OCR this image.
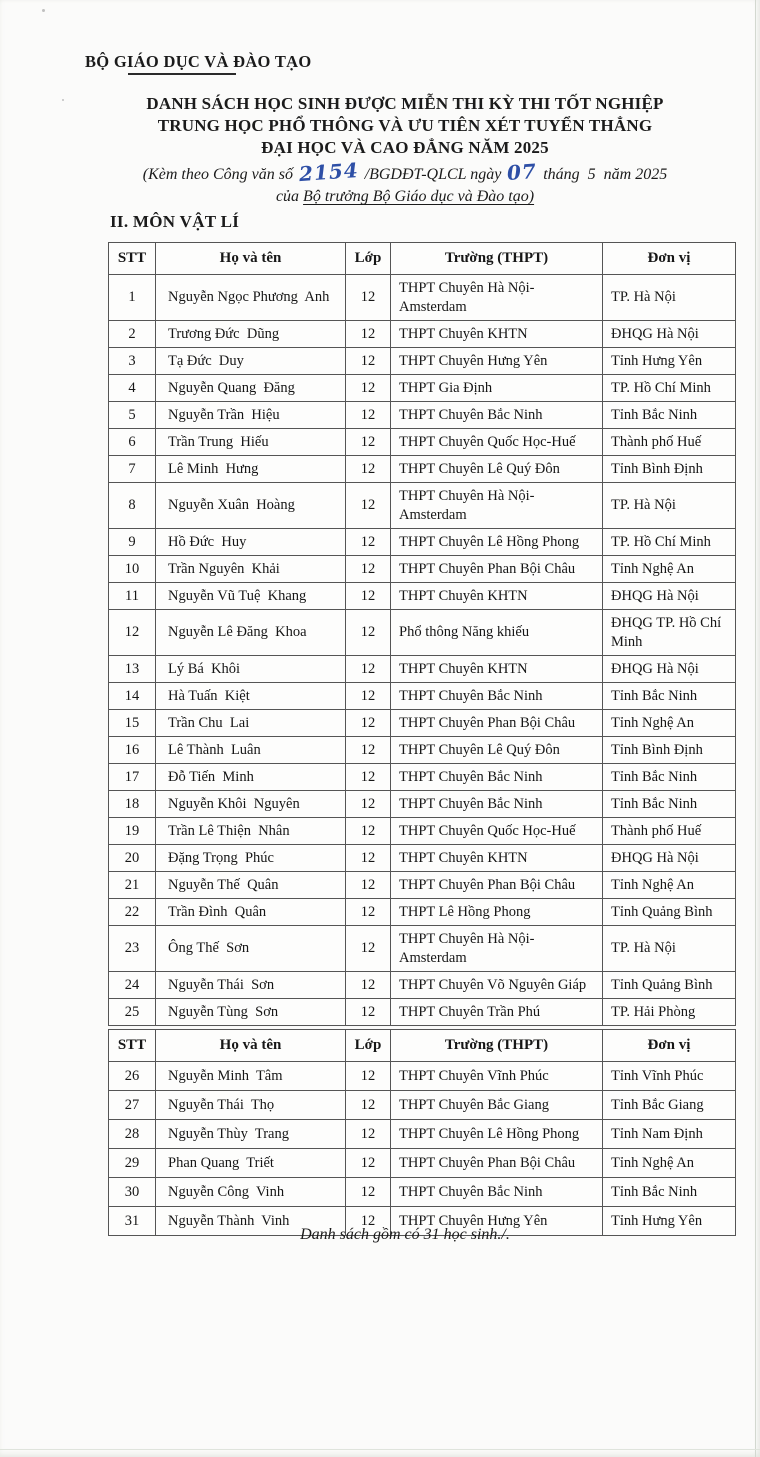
BỘ GIÁO DỤC VÀ ĐÀO TẠO
DANH SÁCH HỌC SINH ĐƯỢC MIỄN THI KỲ THI TỐT NGHIỆP
TRUNG HỌC PHỔ THÔNG VÀ ƯU TIÊN XÉT TUYỂN THẲNG
ĐẠI HỌC VÀ CAO ĐẲNG NĂM 2025
(Kèm theo Công văn số 2154 /BGDĐT-QLCL ngày 07 tháng  5  năm 2025
của Bộ trưởng Bộ Giáo dục và Đào tạo)
II. MÔN VẬT LÍ
STT	Họ và tên	Lớp	Trường (THPT)	Đơn vị
1	Nguyễn Ngọc Phương  Anh	12	THPT Chuyên Hà Nội-Amsterdam	TP. Hà Nội
2	Trương Đức  Dũng	12	THPT Chuyên KHTN	ĐHQG Hà Nội
3	Tạ Đức  Duy	12	THPT Chuyên Hưng Yên	Tỉnh Hưng Yên
4	Nguyễn Quang  Đăng	12	THPT Gia Định	TP. Hồ Chí Minh
5	Nguyễn Trần  Hiệu	12	THPT Chuyên Bắc Ninh	Tỉnh Bắc Ninh
6	Trần Trung  Hiếu	12	THPT Chuyên Quốc Học-Huế	Thành phố Huế
7	Lê Minh  Hưng	12	THPT Chuyên Lê Quý Đôn	Tỉnh Bình Định
8	Nguyễn Xuân  Hoàng	12	THPT Chuyên Hà Nội-Amsterdam	TP. Hà Nội
9	Hồ Đức  Huy	12	THPT Chuyên Lê Hồng Phong	TP. Hồ Chí Minh
10	Trần Nguyên  Khải	12	THPT Chuyên Phan Bội Châu	Tỉnh Nghệ An
11	Nguyễn Vũ Tuệ  Khang	12	THPT Chuyên KHTN	ĐHQG Hà Nội
12	Nguyễn Lê Đăng  Khoa	12	Phổ thông Năng khiếu	ĐHQG TP. Hồ Chí Minh
13	Lý Bá  Khôi	12	THPT Chuyên KHTN	ĐHQG Hà Nội
14	Hà Tuấn  Kiệt	12	THPT Chuyên Bắc Ninh	Tỉnh Bắc Ninh
15	Trần Chu  Lai	12	THPT Chuyên Phan Bội Châu	Tỉnh Nghệ An
16	Lê Thành  Luân	12	THPT Chuyên Lê Quý Đôn	Tỉnh Bình Định
17	Đỗ Tiến  Minh	12	THPT Chuyên Bắc Ninh	Tỉnh Bắc Ninh
18	Nguyễn Khôi  Nguyên	12	THPT Chuyên Bắc Ninh	Tỉnh Bắc Ninh
19	Trần Lê Thiện  Nhân	12	THPT Chuyên Quốc Học-Huế	Thành phố Huế
20	Đặng Trọng  Phúc	12	THPT Chuyên KHTN	ĐHQG Hà Nội
21	Nguyễn Thế  Quân	12	THPT Chuyên Phan Bội Châu	Tỉnh Nghệ An
22	Trần Đình  Quân	12	THPT Lê Hồng Phong	Tỉnh Quảng Bình
23	Ông Thế  Sơn	12	THPT Chuyên Hà Nội-Amsterdam	TP. Hà Nội
24	Nguyễn Thái  Sơn	12	THPT Chuyên Võ Nguyên Giáp	Tỉnh Quảng Bình
25	Nguyễn Tùng  Sơn	12	THPT Chuyên Trần Phú	TP. Hải Phòng
STT	Họ và tên	Lớp	Trường (THPT)	Đơn vị
26	Nguyễn Minh  Tâm	12	THPT Chuyên Vĩnh Phúc	Tỉnh Vĩnh Phúc
27	Nguyễn Thái  Thọ	12	THPT Chuyên Bắc Giang	Tỉnh Bắc Giang
28	Nguyễn Thùy  Trang	12	THPT Chuyên Lê Hồng Phong	Tỉnh Nam Định
29	Phan Quang  Triết	12	THPT Chuyên Phan Bội Châu	Tỉnh Nghệ An
30	Nguyễn Công  Vinh	12	THPT Chuyên Bắc Ninh	Tỉnh Bắc Ninh
31	Nguyễn Thành  Vinh	12	THPT Chuyên Hưng Yên	Tỉnh Hưng Yên
Danh sách gồm có 31 học sinh./.
